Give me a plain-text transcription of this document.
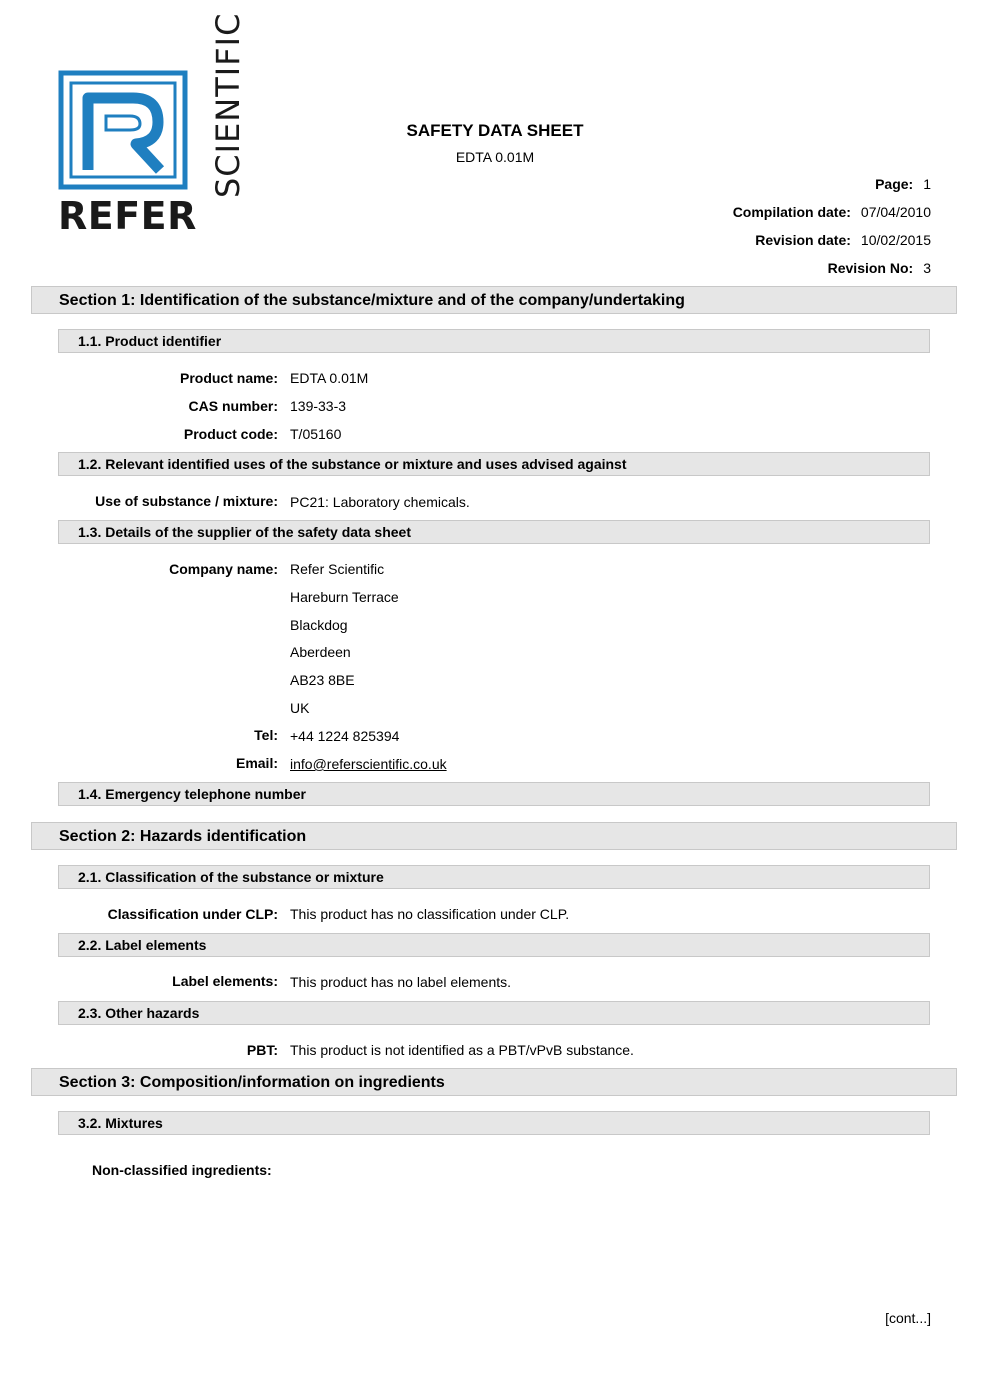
REFER
SCIENTIFIC	SAFETY DATA SHEET
EDTA 0.01M
Page: 1
Compilation date: 07/04/2010
Revision date: 10/02/2015
Revision No: 3
Section 1: Identification of the substance/mixture and of the company/undertaking
1.1. Product identifier
Product name: EDTA 0.01M
CAS number: 139-33-3
Product code: T/05160
1.2. Relevant identified uses of the substance or mixture and uses advised against
Use of substance / mixture: PC21: Laboratory chemicals.
1.3. Details of the supplier of the safety data sheet
Company name: Refer Scientific
Hareburn Terrace
Blackdog
Aberdeen
AB23 8BE
UK
Tel: +44 1224 825394
Email: info@referscientific.co.uk
1.4. Emergency telephone number
Section 2: Hazards identification
2.1. Classification of the substance or mixture
Classification under CLP: This product has no classification under CLP.
2.2. Label elements
Label elements: This product has no label elements.
2.3. Other hazards
PBT: This product is not identified as a PBT/vPvB substance.
Section 3: Composition/information on ingredients
3.2. Mixtures
Non-classified ingredients:
[cont...]
